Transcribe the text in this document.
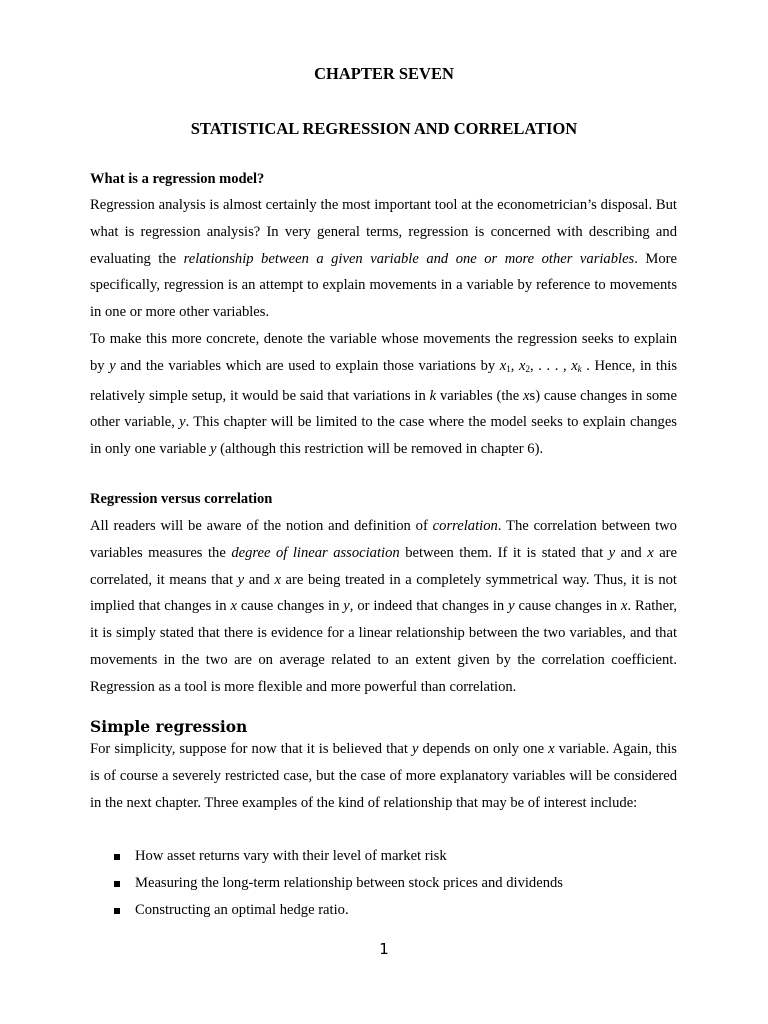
CHAPTER SEVEN
STATISTICAL REGRESSION AND CORRELATION
What is a regression model?

Regression analysis is almost certainly the most important tool at the econometrician’s disposal. But what is regression analysis? In very general terms, regression is concerned with describing and evaluating the relationship between a given variable and one or more other variables. More specifically, regression is an attempt to explain movements in a variable by reference to movements in one or more other variables.

To make this more concrete, denote the variable whose movements the regression seeks to explain by y and the variables which are used to explain those variations by $x_1$, $x_2$, . . . , $x_k$ . Hence, in this relatively simple setup, it would be said that variations in k variables (the xs) cause changes in some other variable, y. This chapter will be limited to the case where the model seeks to explain changes in only one variable y (although this restriction will be removed in chapter 6).

Regression versus correlation

All readers will be aware of the notion and definition of correlation. The correlation between two variables measures the degree of linear association between them. If it is stated that y and x are correlated, it means that y and x are being treated in a completely symmetrical way. Thus, it is not implied that changes in x cause changes in y, or indeed that changes in y cause changes in x. Rather, it is simply stated that there is evidence for a linear relationship between the two variables, and that movements in the two are on average related to an extent given by the correlation coefficient. Regression as a tool is more flexible and more powerful than correlation.

Simple regression

For simplicity, suppose for now that it is believed that y depends on only one x variable. Again, this is of course a severely restricted case, but the case of more explanatory variables will be considered in the next chapter. Three examples of the kind of relationship that may be of interest include:

How asset returns vary with their level of market risk
Measuring the long-term relationship between stock prices and dividends
Constructing an optimal hedge ratio.
1
